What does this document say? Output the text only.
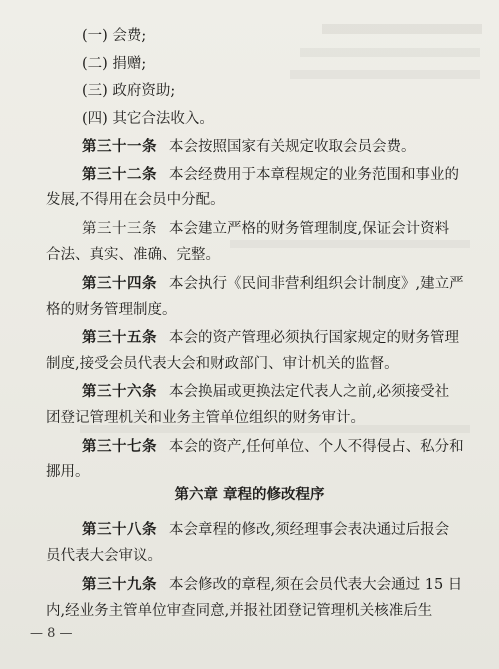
(一) 会费;
(二) 捐赠;
(三) 政府资助;
(四) 其它合法收入。
第三十一条 本会按照国家有关规定收取会员会费。
第三十二条 本会经费用于本章程规定的业务范围和事业的
发展,不得用在会员中分配。
第三十三条 本会建立严格的财务管理制度,保证会计资料
合法、真实、准确、完整。
第三十四条 本会执行《民间非营利组织会计制度》,建立严
格的财务管理制度。
第三十五条 本会的资产管理必须执行国家规定的财务管理
制度,接受会员代表大会和财政部门、审计机关的监督。
第三十六条 本会换届或更换法定代表人之前,必须接受社
团登记管理机关和业务主管单位组织的财务审计。
第三十七条 本会的资产,任何单位、个人不得侵占、私分和
挪用。
第六章 章程的修改程序
第三十八条 本会章程的修改,须经理事会表决通过后报会
员代表大会审议。
第三十九条 本会修改的章程,须在会员代表大会通过 15 日
内,经业务主管单位审查同意,并报社团登记管理机关核准后生
— 8 —
